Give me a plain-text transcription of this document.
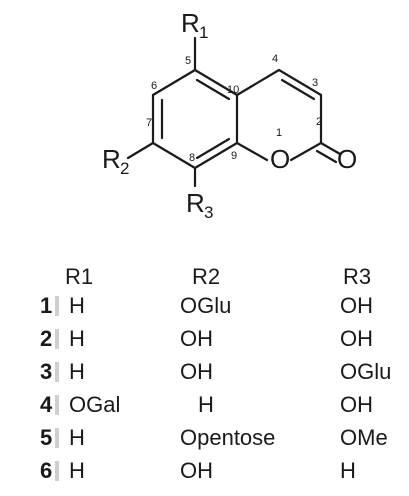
O O
R 1
R 2
R 3
1
2
3
4
5
6
7
8	9
10
R1	R2	R3
1 H	OGlu	OH
2 H	OH	OH
3 H	OH	OGlu
4 OGal	H	OH
5 H	Opentose	OMe
6 H	OH	H
